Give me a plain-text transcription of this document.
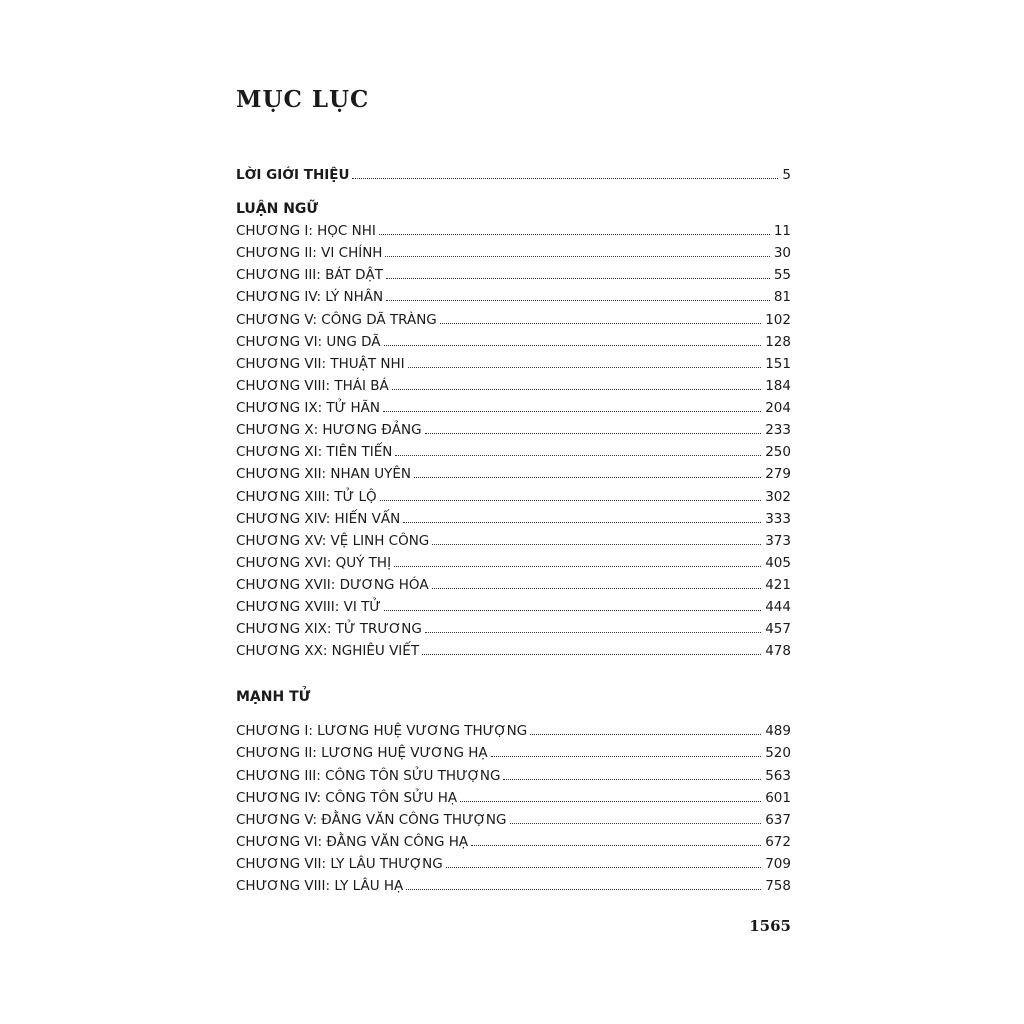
MỤC LỤC
LỜI GIỚI THIỆU	5
LUẬN NGỮ
CHƯƠNG I: HỌC NHI	11
CHƯƠNG II: VI CHÍNH	30
CHƯƠNG III: BÁT DẬT	55
CHƯƠNG IV: LÝ NHÂN	81
CHƯƠNG V: CÔNG DÃ TRÀNG	102
CHƯƠNG VI: UNG DÃ	128
CHƯƠNG VII: THUẬT NHI	151
CHƯƠNG VIII: THÁI BÁ	184
CHƯƠNG IX: TỬ HÃN	204
CHƯƠNG X: HƯƠNG ĐẢNG	233
CHƯƠNG XI: TIÊN TIẾN	250
CHƯƠNG XII: NHAN UYÊN	279
CHƯƠNG XIII: TỬ LỘ	302
CHƯƠNG XIV: HIẾN VẤN	333
CHƯƠNG XV: VỆ LINH CÔNG	373
CHƯƠNG XVI: QUÝ THỊ	405
CHƯƠNG XVII: DƯƠNG HÓA	421
CHƯƠNG XVIII: VI TỬ	444
CHƯƠNG XIX: TỬ TRƯƠNG	457
CHƯƠNG XX: NGHIÊU VIẾT	478
MẠNH TỬ
CHƯƠNG I: LƯƠNG HUỆ VƯƠNG THƯỢNG	489
CHƯƠNG II: LƯƠNG HUỆ VƯƠNG HẠ	520
CHƯƠNG III: CÔNG TÔN SỬU THƯỢNG	563
CHƯƠNG IV: CÔNG TÔN SỬU HẠ	601
CHƯƠNG V: ĐẰNG VĂN CÔNG THƯỢNG	637
CHƯƠNG VI: ĐẰNG VĂN CÔNG HẠ	672
CHƯƠNG VII: LY LÂU THƯỢNG	709
CHƯƠNG VIII: LY LÂU HẠ	758
1565
